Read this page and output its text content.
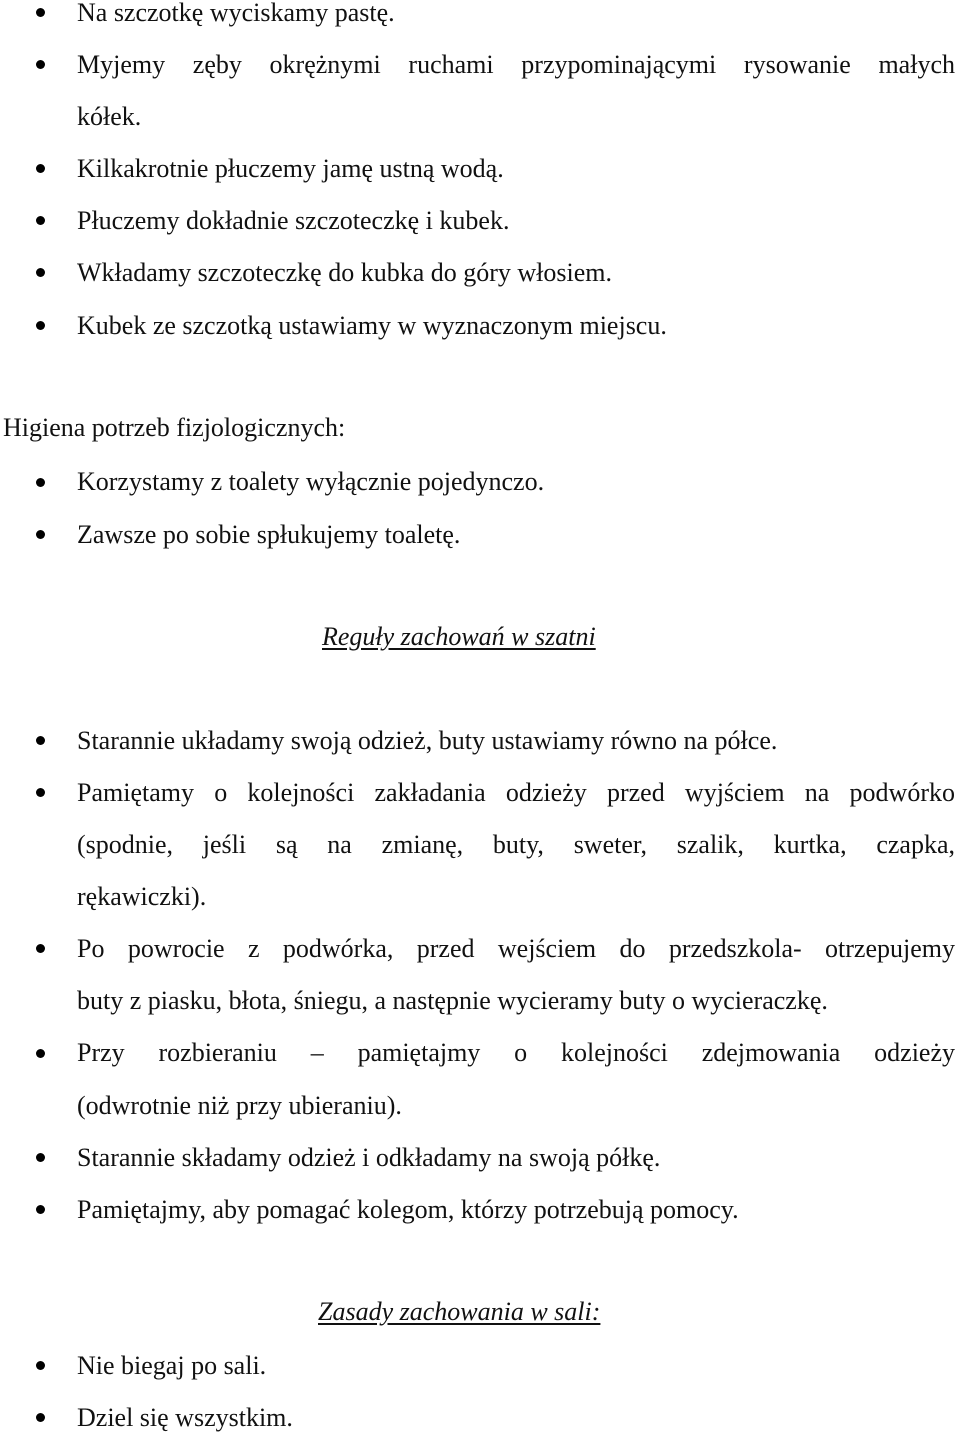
Na szczotkę wyciskamy pastę.
Myjemy zęby okrężnymi ruchami przypominającymi rysowanie małych
kółek.
Kilkakrotnie płuczemy jamę ustną wodą.
Płuczemy dokładnie szczoteczkę i kubek.
Wkładamy szczoteczkę do kubka do góry włosiem.
Kubek ze szczotką ustawiamy w wyznaczonym miejscu.
Higiena potrzeb fizjologicznych:
Korzystamy z toalety wyłącznie pojedynczo.
Zawsze po sobie spłukujemy toaletę.
Reguły zachowań w szatni
Starannie układamy swoją odzież, buty ustawiamy równo na półce.
Pamiętamy o kolejności zakładania odzieży przed wyjściem na podwórko
(spodnie, jeśli są na zmianę, buty, sweter, szalik, kurtka, czapka,
rękawiczki).
Po powrocie z podwórka, przed wejściem do przedszkola- otrzepujemy
buty z piasku, błota, śniegu, a następnie wycieramy buty o wycieraczkę.
Przy rozbieraniu – pamiętajmy o kolejności zdejmowania odzieży
(odwrotnie niż przy ubieraniu).
Starannie składamy odzież i odkładamy na swoją półkę.
Pamiętajmy, aby pomagać kolegom, którzy potrzebują pomocy.
Zasady zachowania w sali:
Nie biegaj po sali.
Dziel się wszystkim.
